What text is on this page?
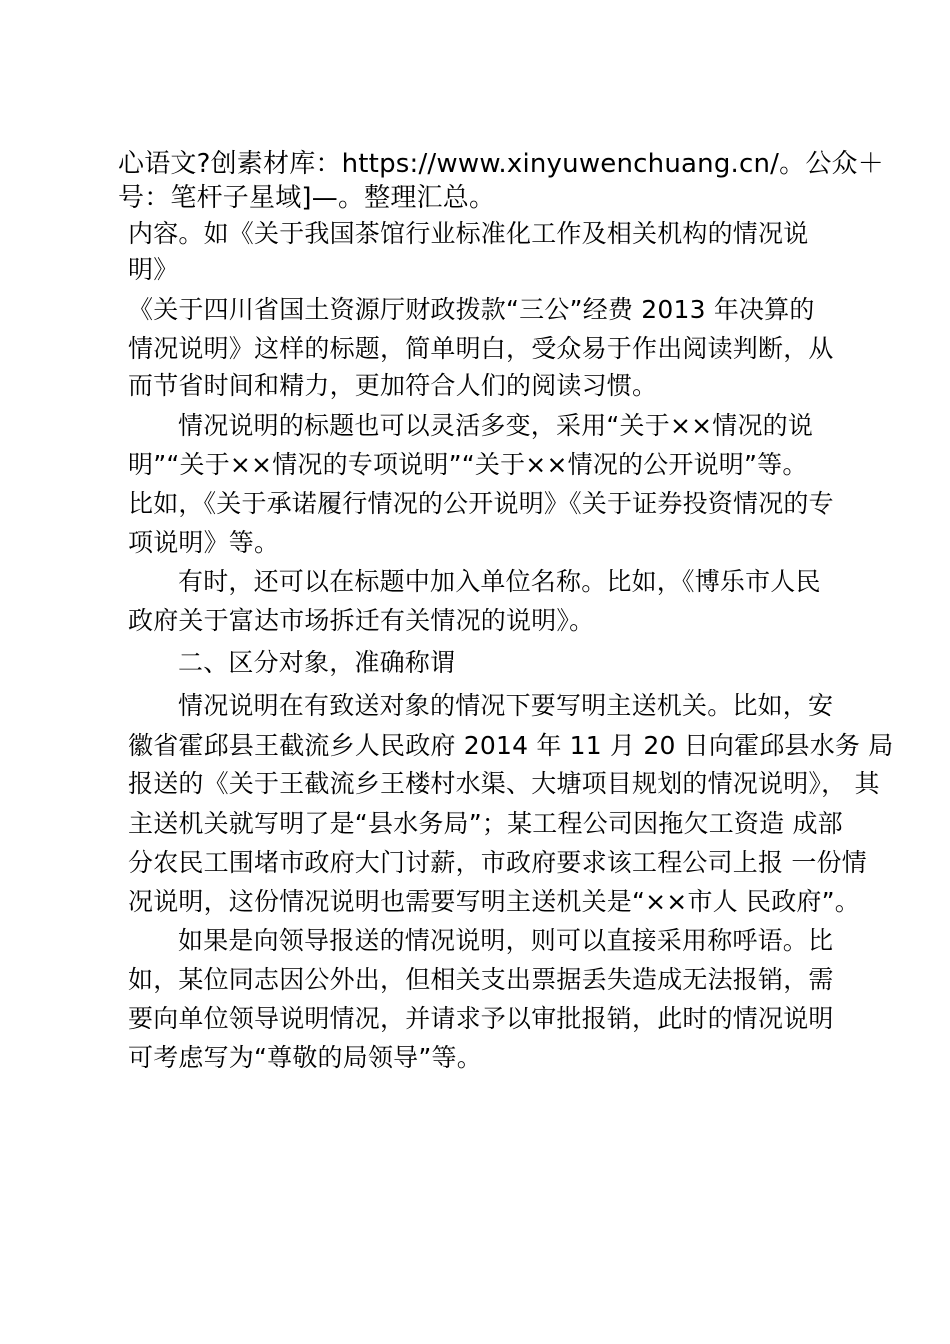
心语文?创素材库：https://www.xinyuwenchuang.cn/。公众＋
号：笔杆子星域]—。整理汇总。
内容。如《关于我国茶馆行业标准化工作及相关机构的情况说
明》
《关于四川省国土资源厅财政拨款“三公”经费 2013 年决算的
情况说明》这样的标题，简单明白，受众易于作出阅读判断，从
而节省时间和精力，更加符合人们的阅读习惯。
情况说明的标题也可以灵活多变，采用“关于××情况的说
明”“关于××情况的专项说明”“关于××情况的公开说明”等。
比如，《关于承诺履行情况的公开说明》《关于证券投资情况的专
项说明》等。
有时，还可以在标题中加入单位名称。比如，《博乐市人民
政府关于富达市场拆迁有关情况的说明》。
二、区分对象，准确称谓
情况说明在有致送对象的情况下要写明主送机关。比如，安
徽省霍邱县王截流乡人民政府 2014 年 11 月 20 日向霍邱县水务 局
报送的《关于王截流乡王楼村水渠、大塘项目规划的情况说明》， 其
主送机关就写明了是“县水务局”；某工程公司因拖欠工资造 成部
分农民工围堵市政府大门讨薪，市政府要求该工程公司上报 一份情
况说明，这份情况说明也需要写明主送机关是“××市人 民政府”。
如果是向领导报送的情况说明，则可以直接采用称呼语。比
如，某位同志因公外出，但相关支出票据丢失造成无法报销，需
要向单位领导说明情况，并请求予以审批报销，此时的情况说明
可考虑写为“尊敬的局领导”等。
